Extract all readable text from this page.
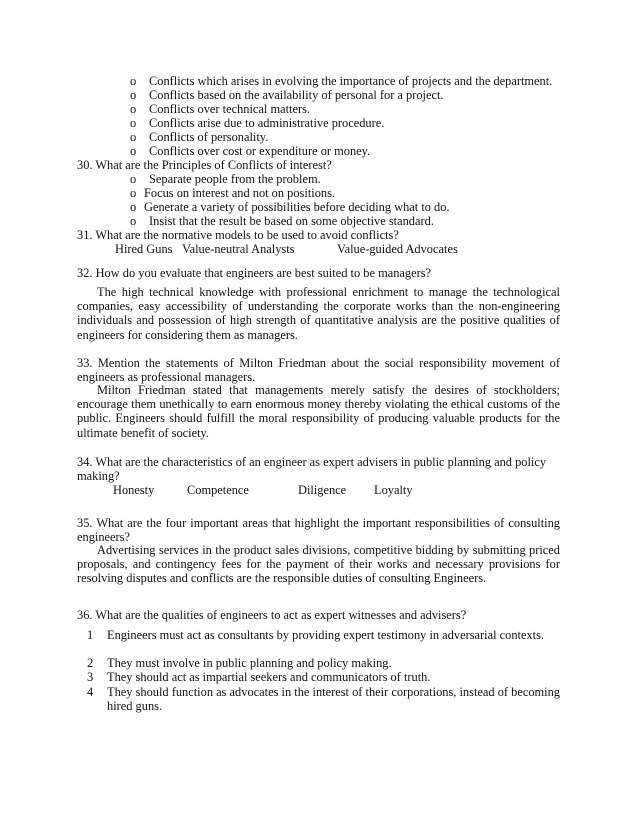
o Conflicts which arises in evolving the importance of projects and the department.
o Conflicts based on the availability of personal for a project.
o Conflicts over technical matters.
o Conflicts arise due to administrative procedure.
o Conflicts of personality.
o Conflicts over cost or expenditure or money.
30. What are the Principles of Conflicts of interest?
o Separate people from the problem.
o Focus on interest and not on positions.
o Generate a variety of possibilities before deciding what to do.
o Insist that the result be based on some objective standard.
31. What are the normative models to be used to avoid conflicts?
Hired Guns Value-neutral Analysts	Value-guided Advocates
32. How do you evaluate that engineers are best suited to be managers?
The high technical knowledge with professional enrichment to manage the technological companies, easy accessibility of understanding the corporate works than the non-engineering individuals and possession of high strength of quantitative analysis are the positive qualities of engineers for considering them as managers.
33. Mention the statements of Milton Friedman about the social responsibility movement of engineers as professional managers.
Milton Friedman stated that managements merely satisfy the desires of stockholders; encourage them unethically to earn enormous money thereby violating the ethical customs of the public. Engineers should fulfill the moral responsibility of producing valuable products for the ultimate benefit of society.
34. What are the characteristics of an engineer as expert advisers in public planning and policy
making?
Honesty	Competence	Diligence Loyalty
35. What are the four important areas that highlight the important responsibilities of consulting engineers?
Advertising services in the product sales divisions, competitive bidding by submitting priced proposals, and contingency fees for the payment of their works and necessary provisions for resolving disputes and conflicts are the responsible duties of consulting Engineers.
36. What are the qualities of engineers to act as expert witnesses and advisers?
1 Engineers must act as consultants by providing expert testimony in adversarial contexts.
2 They must involve in public planning and policy making.
3 They should act as impartial seekers and communicators of truth.
4 They should function as advocates in the interest of their corporations, instead of becoming hired guns.
